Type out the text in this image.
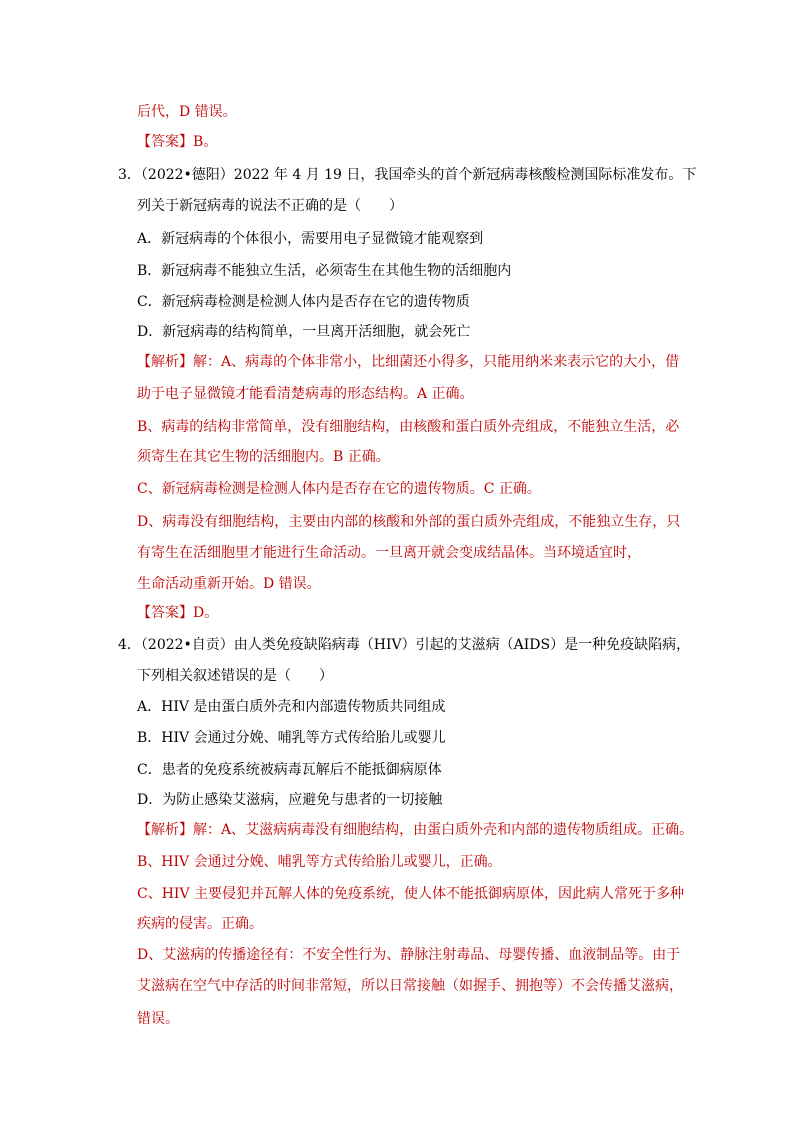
后代，D 错误。
【答案】B。
3．（2022•德阳）2022 年 4 月 19 日，我国牵头的首个新冠病毒核酸检测国际标准发布。下
列关于新冠病毒的说法不正确的是（　　）
A．新冠病毒的个体很小，需要用电子显微镜才能观察到
B．新冠病毒不能独立生活，必须寄生在其他生物的活细胞内
C．新冠病毒检测是检测人体内是否存在它的遗传物质
D．新冠病毒的结构简单，一旦离开活细胞，就会死亡
【解析】解：A、病毒的个体非常小，比细菌还小得多，只能用纳米来表示它的大小，借
助于电子显微镜才能看清楚病毒的形态结构。A 正确。
B、病毒的结构非常简单，没有细胞结构，由核酸和蛋白质外壳组成，不能独立生活，必
须寄生在其它生物的活细胞内。B 正确。
C、新冠病毒检测是检测人体内是否存在它的遗传物质。C 正确。
D、病毒没有细胞结构，主要由内部的核酸和外部的蛋白质外壳组成，不能独立生存，只
有寄生在活细胞里才能进行生命活动。一旦离开就会变成结晶体。当环境适宜时，
生命活动重新开始。D 错误。
【答案】D。
4．（2022•自贡）由人类免疫缺陷病毒（HIV）引起的艾滋病（AIDS）是一种免疫缺陷病，
下列相关叙述错误的是（　　）
A．HIV 是由蛋白质外壳和内部遗传物质共同组成
B．HIV 会通过分娩、哺乳等方式传给胎儿或婴儿
C．患者的免疫系统被病毒瓦解后不能抵御病原体
D．为防止感染艾滋病，应避免与患者的一切接触
【解析】解：A、艾滋病病毒没有细胞结构，由蛋白质外壳和内部的遗传物质组成。正确。
B、HIV 会通过分娩、哺乳等方式传给胎儿或婴儿，正确。
C、HIV 主要侵犯并瓦解人体的免疫系统，使人体不能抵御病原体，因此病人常死于多种
疾病的侵害。正确。
D、艾滋病的传播途径有：不安全性行为、静脉注射毒品、母婴传播、血液制品等。由于
艾滋病在空气中存活的时间非常短，所以日常接触（如握手、拥抱等）不会传播艾滋病，
错误。
